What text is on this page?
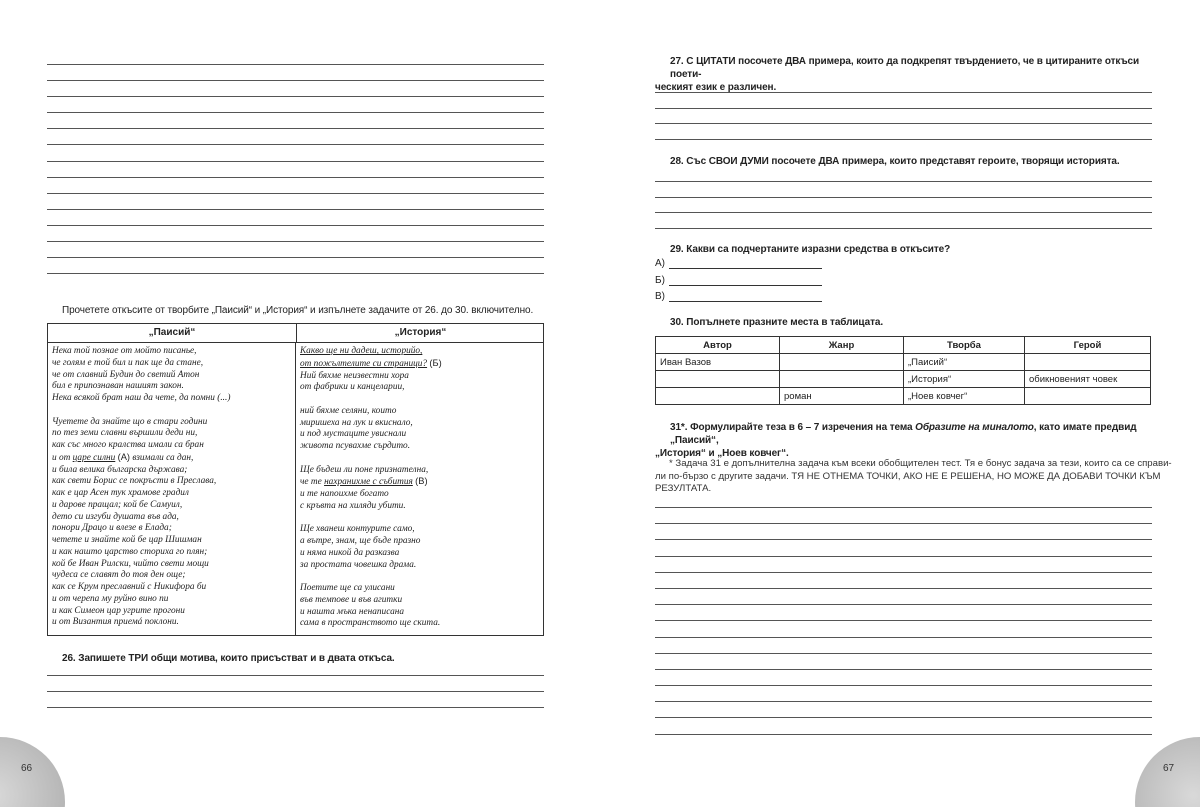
Прочетете откъсите от творбите „Паисий“ и „История“ и изпълнете задачите от 26. до 30. включително.
„Паисий“	„История“
Нека той познае от мойто писанье,
че голям е той бил и пак ще да стане,
че от славний Будин до светий Атон
бил е припознаван нашият закон.
Нека всякой брат наш да чете, да помни (...)

Чуетете да знайте що в стари години
по тез земи славни вършили деди ни,
как със много кралства имали са бран
и от царе силни (А) взимали са дан,
и била велика българска държава;
как свети Борис се покръсти в Преслава,
как е цар Асен тук храмове градил
и дарове пращал; кой бе Самуил,
дето си изгуби душата във ада,
понори Драцо и влезе в Елада;
четете и знайте кой бе цар Шишман
и как нашто царство сториха го плян;
кой бе Иван Рилски, чийто свети мощи
чудеса се славят до тоя ден още;
как се Крум преславний с Никифора би
и от черепа му руйно вино пи
и как Симеон цар угрите прогони
и от Византия приемá поклони.
Какво ще ни дадеш, историйо,
от пожълтелите си страници? (Б)
Ний бяхме неизвестни хора
от фабрики и канцеларии,

ний бяхме селяни, които
миришеха на лук и вкиснало,
и под мустаците увиснали
живота псувахме сърдито.

Ще бъдеш ли поне признателна,
че те нахранихме с събития (В)
и те напоихме богато
с кръвта на хиляди убити.

Ще хванеш контурите само,
а вътре, знам, ще бъде празно
и няма никой да разказва
за простата човешка драма.

Поетите ще са улисани
във темпове и във агитки
и нашта мъка ненаписана
сама в пространството ще скита.
26. Запишете ТРИ общи мотива, които присъстват и в двата откъса.
66
27. С ЦИТАТИ посочете ДВА примера, които да подкрепят твърдението, че в цитираните откъси поети-
ческият език е различен.
28. Със СВОИ ДУМИ посочете ДВА примера, които представят героите, творящи историята.
29. Какви са подчертаните изразни средства в откъсите?
А)
Б)
В)
30. Попълнете празните места в таблицата.
Автор	Жанр	Творба	Герой
Иван Вазов		„Паисий“	
		„История“	обикновеният човек
	роман	„Ноев ковчег“	
31*. Формулирайте теза в 6 – 7 изречения на тема Образите на миналото, като имате предвид „Паисий“,
„История“ и „Ноев ковчег“.
* Задача 31 е допълнителна задача към всеки обобщителен тест. Тя е бонус задача за тези, които са се справи-
ли по-бързо с другите задачи. ТЯ НЕ ОТНЕМА ТОЧКИ, АКО НЕ Е РЕШЕНА, НО МОЖЕ ДА ДОБАВИ ТОЧКИ КЪМ
РЕЗУЛТАТА.
67
